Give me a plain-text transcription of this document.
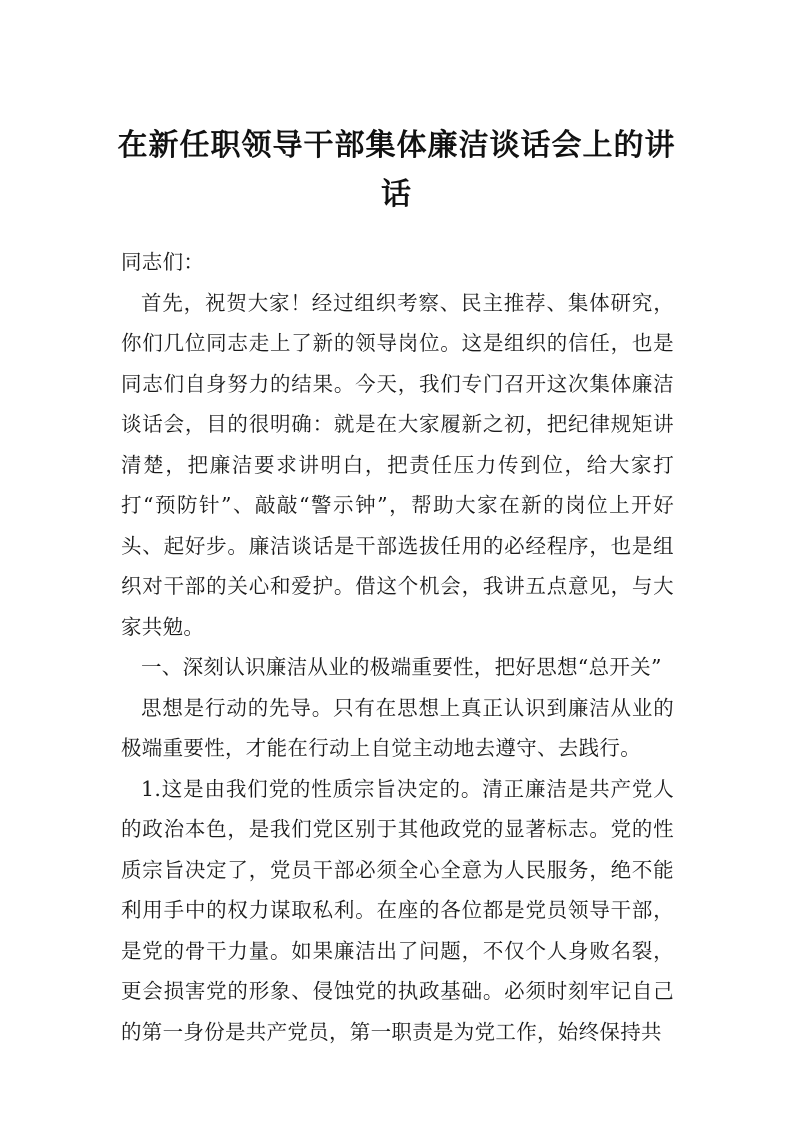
在新任职领导干部集体廉洁谈话会上的讲话

同志们：

首先，祝贺大家！经过组织考察、民主推荐、集体研究，你们几位同志走上了新的领导岗位。这是组织的信任，也是同志们自身努力的结果。今天，我们专门召开这次集体廉洁谈话会，目的很明确：就是在大家履新之初，把纪律规矩讲清楚，把廉洁要求讲明白，把责任压力传到位，给大家打打“预防针”、敲敲“警示钟”，帮助大家在新的岗位上开好头、起好步。廉洁谈话是干部选拔任用的必经程序，也是组织对干部的关心和爱护。借这个机会，我讲五点意见，与大家共勉。

一、深刻认识廉洁从业的极端重要性，把好思想“总开关”

思想是行动的先导。只有在思想上真正认识到廉洁从业的极端重要性，才能在行动上自觉主动地去遵守、去践行。

1.这是由我们党的性质宗旨决定的。清正廉洁是共产党人的政治本色，是我们党区别于其他政党的显著标志。党的性质宗旨决定了，党员干部必须全心全意为人民服务，绝不能利用手中的权力谋取私利。在座的各位都是党员领导干部，是党的骨干力量。如果廉洁出了问题，不仅个人身败名裂，更会损害党的形象、侵蚀党的执政基础。必须时刻牢记自己的第一身份是共产党员，第一职责是为党工作，始终保持共
